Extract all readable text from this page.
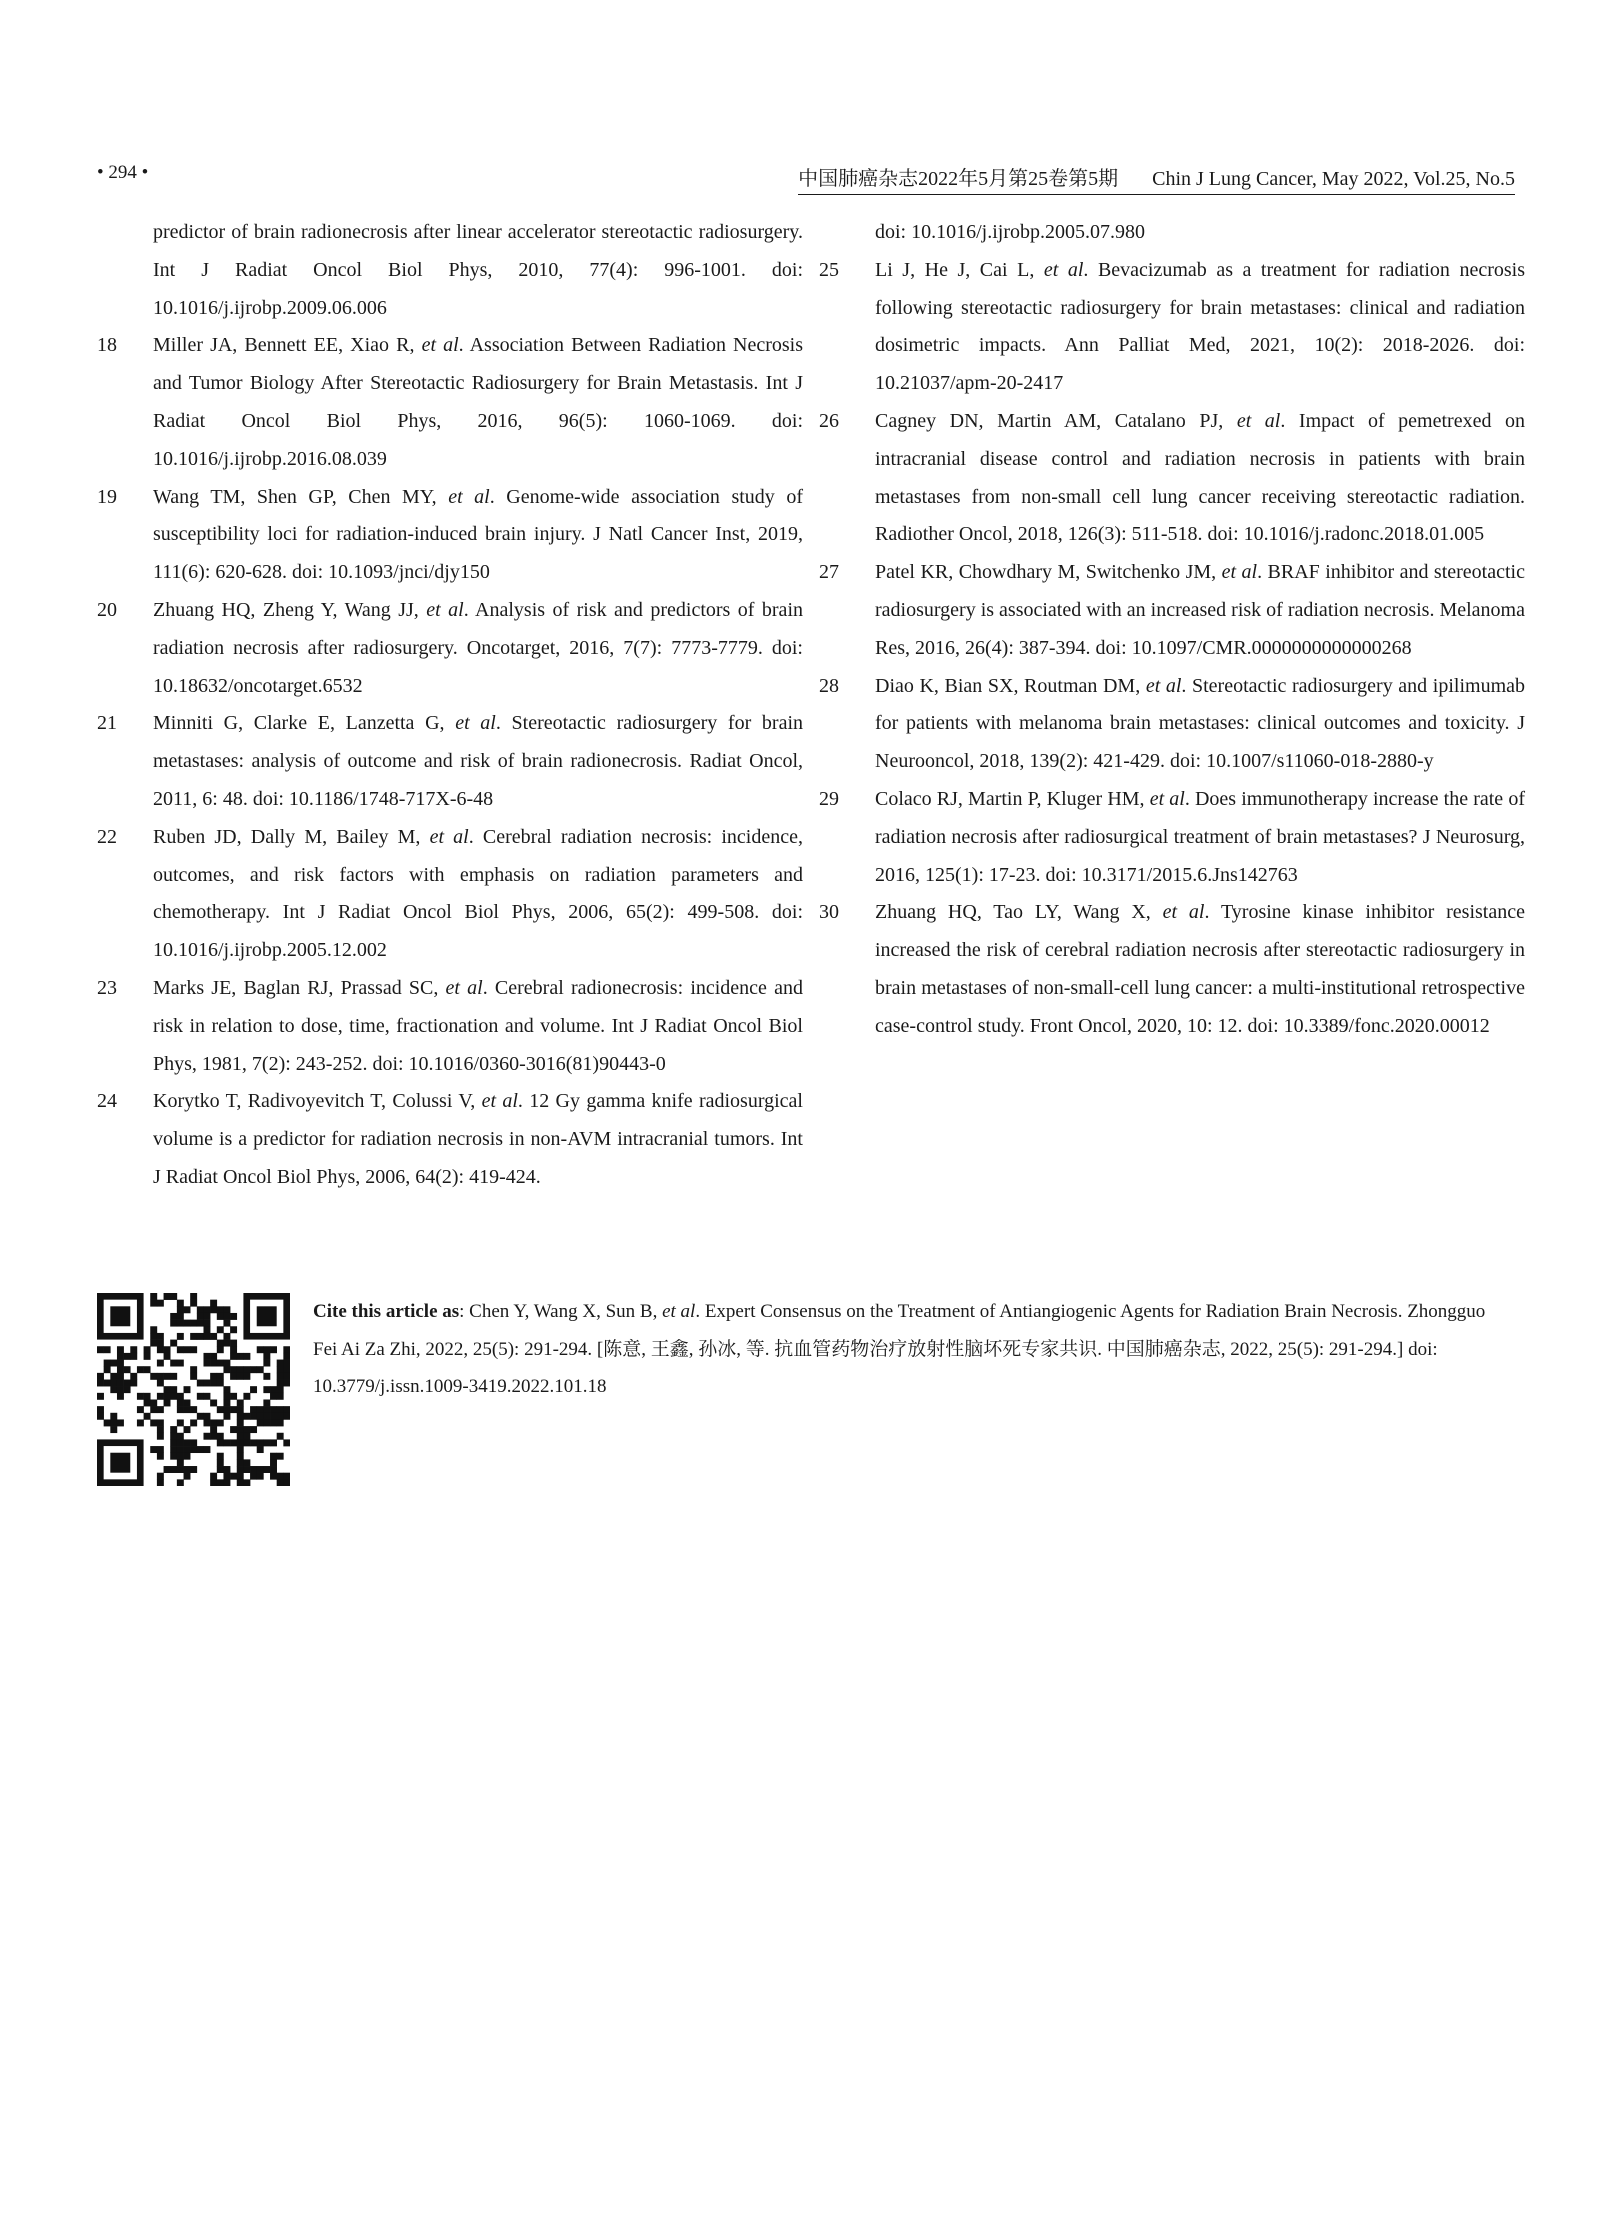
• 294 •	中国肺癌杂志2022年5月第25卷第5期 Chin J Lung Cancer, May 2022, Vol.25, No.5
predictor of brain radionecrosis after linear accelerator stereotactic radiosurgery. Int J Radiat Oncol Biol Phys, 2010, 77(4): 996-1001. doi: 10.1016/j.ijrobp.2009.06.006
18 Miller JA, Bennett EE, Xiao R, et al. Association Between Radiation Necrosis and Tumor Biology After Stereotactic Radiosurgery for Brain Metastasis. Int J Radiat Oncol Biol Phys, 2016, 96(5): 1060-1069. doi: 10.1016/j.ijrobp.2016.08.039
19 Wang TM, Shen GP, Chen MY, et al. Genome-wide association study of susceptibility loci for radiation-induced brain injury. J Natl Cancer Inst, 2019, 111(6): 620-628. doi: 10.1093/jnci/djy150
20 Zhuang HQ, Zheng Y, Wang JJ, et al. Analysis of risk and predictors of brain radiation necrosis after radiosurgery. Oncotarget, 2016, 7(7): 7773-7779. doi: 10.18632/oncotarget.6532
21 Minniti G, Clarke E, Lanzetta G, et al. Stereotactic radiosurgery for brain metastases: analysis of outcome and risk of brain radionecrosis. Radiat Oncol, 2011, 6: 48. doi: 10.1186/1748-717X-6-48
22 Ruben JD, Dally M, Bailey M, et al. Cerebral radiation necrosis: incidence, outcomes, and risk factors with emphasis on radiation parameters and chemotherapy. Int J Radiat Oncol Biol Phys, 2006, 65(2): 499-508. doi: 10.1016/j.ijrobp.2005.12.002
23 Marks JE, Baglan RJ, Prassad SC, et al. Cerebral radionecrosis: incidence and risk in relation to dose, time, fractionation and volume. Int J Radiat Oncol Biol Phys, 1981, 7(2): 243-252. doi: 10.1016/0360-3016(81)90443-0
24 Korytko T, Radivoyevitch T, Colussi V, et al. 12 Gy gamma knife radiosurgical volume is a predictor for radiation necrosis in non-AVM intracranial tumors. Int J Radiat Oncol Biol Phys, 2006, 64(2): 419-424.
doi: 10.1016/j.ijrobp.2005.07.980
25 Li J, He J, Cai L, et al. Bevacizumab as a treatment for radiation necrosis following stereotactic radiosurgery for brain metastases: clinical and radiation dosimetric impacts. Ann Palliat Med, 2021, 10(2): 2018-2026. doi: 10.21037/apm-20-2417
26 Cagney DN, Martin AM, Catalano PJ, et al. Impact of pemetrexed on intracranial disease control and radiation necrosis in patients with brain metastases from non-small cell lung cancer receiving stereotactic radiation. Radiother Oncol, 2018, 126(3): 511-518. doi: 10.1016/j.radonc.2018.01.005
27 Patel KR, Chowdhary M, Switchenko JM, et al. BRAF inhibitor and stereotactic radiosurgery is associated with an increased risk of radiation necrosis. Melanoma Res, 2016, 26(4): 387-394. doi: 10.1097/CMR.0000000000000268
28 Diao K, Bian SX, Routman DM, et al. Stereotactic radiosurgery and ipilimumab for patients with melanoma brain metastases: clinical outcomes and toxicity. J Neurooncol, 2018, 139(2): 421-429. doi: 10.1007/s11060-018-2880-y
29 Colaco RJ, Martin P, Kluger HM, et al. Does immunotherapy increase the rate of radiation necrosis after radiosurgical treatment of brain metastases? J Neurosurg, 2016, 125(1): 17-23. doi: 10.3171/2015.6.Jns142763
30 Zhuang HQ, Tao LY, Wang X, et al. Tyrosine kinase inhibitor resistance increased the risk of cerebral radiation necrosis after stereotactic radiosurgery in brain metastases of non-small-cell lung cancer: a multi-institutional retrospective case-control study. Front Oncol, 2020, 10: 12. doi: 10.3389/fonc.2020.00012
Cite this article as: Chen Y, Wang X, Sun B, et al. Expert Consensus on the Treatment of Antiangiogenic Agents for Radiation Brain Necrosis. Zhongguo Fei Ai Za Zhi, 2022, 25(5): 291-294. [陈意, 王鑫, 孙冰, 等. 抗血管药物治疗放射性脑坏死专家共识. 中国肺癌杂志, 2022, 25(5): 291-294.] doi: 10.3779/j.issn.1009-3419.2022.101.18
